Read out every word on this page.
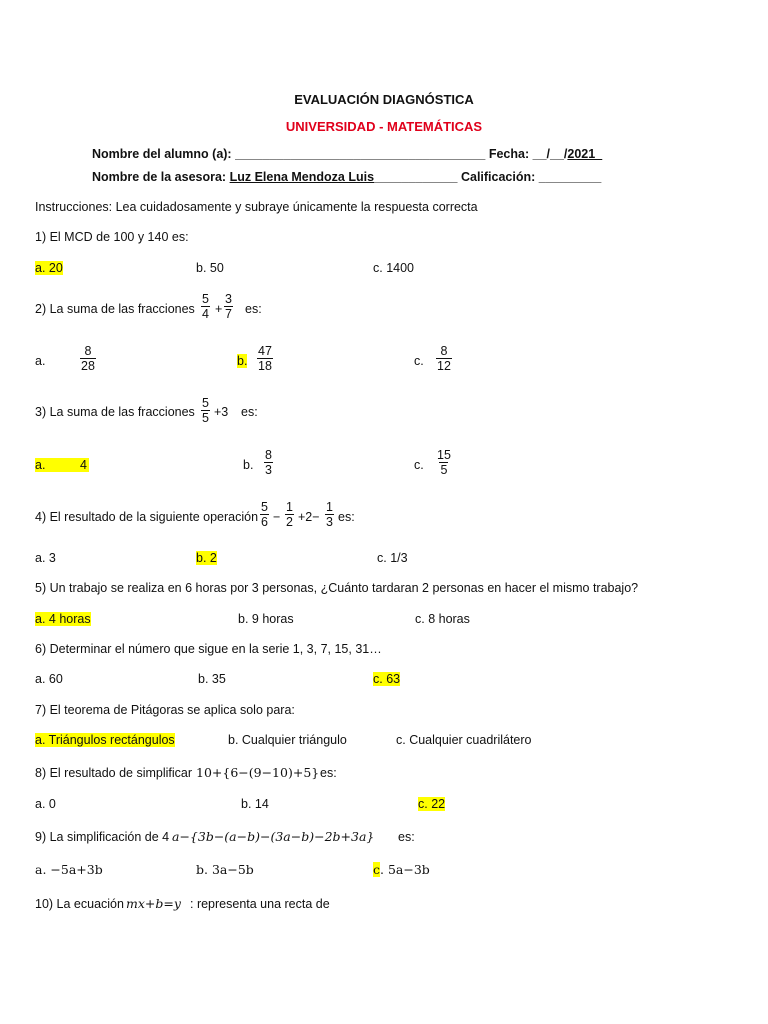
EVALUACIÓN DIAGNÓSTICA
UNIVERSIDAD - MATEMÁTICAS
Nombre del alumno (a): ____________________________________ Fecha: __/__/2021_
Nombre de la asesora: Luz Elena Mendoza Luis____________ Calificación: _________
Instrucciones: Lea cuidadosamente y subraye únicamente la respuesta correcta
1) El MCD de 100 y 140 es:
a. 20	b. 50	c. 1400
2) La suma de las fracciones $\frac{5}{4} + \frac{3}{7}$ es:
a.	$\frac{8}{28}$	b. $\frac{47}{18}$	c. $\frac{8}{12}$
3) La suma de las fracciones $\frac{5}{5} +3$ es:
a.	4	b. $\frac{8}{3}$	c. $\frac{15}{5}$
4) El resultado de la siguiente operación $\frac{5}{6} - \frac{1}{2} +2- \frac{1}{3}$ es:
a. 3	b. 2	c. 1/3
5) Un trabajo se realiza en 6 horas por 3 personas, ¿Cuánto tardaran 2 personas en hacer el mismo trabajo?
a. 4 horas	b. 9 horas	c. 8 horas
6) Determinar el número que sigue en la serie 1, 3, 7, 15, 31…
a. 60	b. 35	c. 63
7) El teorema de Pitágoras se aplica solo para:
a. Triángulos rectángulos	b. Cualquier triángulo	c. Cualquier cuadrilátero
8) El resultado de simplificar 10+{6−(9−10)+5} es:
a. 0	b. 14	c. 22
9) La simplificación de 4 a−{3b−(a−b)−(3a−b)−2b+3a} es:
a. −5a+3b	b. 3a−5b	c. 5a−3b
10) La ecuación mx+b=y : representa una recta de
